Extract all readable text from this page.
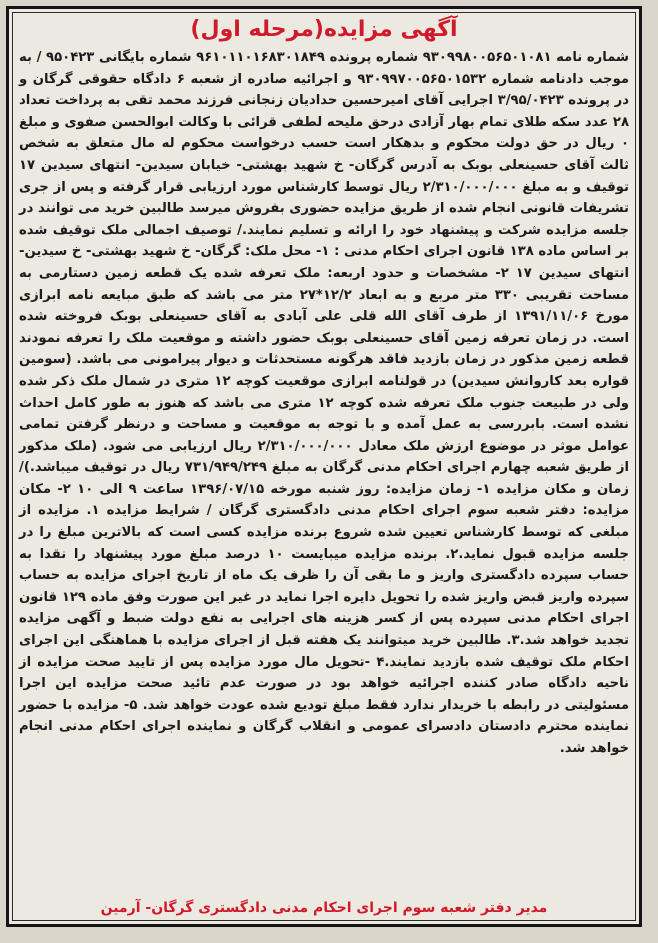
آگهی مزایده(مرحله اول)

شماره نامه ۹۳۰۹۹۸۰۰۵۶۵۰۱۰۸۱ شماره پرونده ۹۶۱۰۱۱۰۱۶۸۳۰۱۸۴۹ شماره بایگانی ۹۵۰۴۲۳ / به موجب دادنامه شماره ۹۳۰۹۹۷۰۰۵۶۵۰۱۵۳۲ و اجرائیه صادره از شعبه ۶ دادگاه حقوقی گرگان و در پرونده ۳/۹۵/۰۴۲۳ اجرایی آقای امیرحسین حدادیان زنجانی فرزند محمد تقی به پرداخت تعداد ۲۸ عدد سکه طلای تمام بهار آزادی درحق ملیحه لطفی قرائی با وکالت ابوالحسن صفوی و مبلغ ۰ ریال در حق دولت محکوم و بدهکار است حسب درخواست محکوم له مال متعلق به شخص ثالث آقای حسینعلی بوبک به آدرس گرگان- خ شهید بهشتی- خیابان سیدین- انتهای سیدین ۱۷ توقیف و به مبلغ ۲/۳۱۰/۰۰۰/۰۰۰ ریال توسط کارشناس مورد ارزیابی قرار گرفته و پس از جری تشریفات قانونی انجام شده از طریق مزایده حضوری بفروش میرسد طالبین خرید می توانند در جلسه مزایده شرکت و پیشنهاد خود را ارائه و تسلیم نمایند./ توصیف اجمالی ملک توقیف شده بر اساس ماده ۱۳۸ قانون اجرای احکام مدنی : ۱- محل ملک: گرگان- خ شهید بهشتی- خ سیدین- انتهای سیدین ۱۷ ۲- مشخصات و حدود اربعه: ملک تعرفه شده یک قطعه زمین دستارمی به مساحت تقریبی ۳۳۰ متر مربع و به ابعاد ۱۲/۲*۲۷ متر می باشد که طبق مبایعه نامه ابرازی مورخ ۱۳۹۱/۱۱/۰۶ از طرف آقای الله قلی علی آبادی به آقای حسینعلی بوبک فروخته شده است. در زمان تعرفه زمین آقای حسینعلی بوبک حضور داشته و موقعیت ملک را تعرفه نمودند قطعه زمین مذکور در زمان بازدید فاقد هرگونه مستحدثات و دیوار پیرامونی می باشد. (سومین قواره بعد کاروانش سیدین) در قولنامه ابرازی موقعیت کوچه ۱۲ متری در شمال ملک ذکر شده ولی در طبیعت جنوب ملک تعرفه شده کوچه ۱۲ متری می باشد که هنوز به طور کامل احداث نشده است. بابررسی به عمل آمده و با توجه به موقعیت و مساحت و درنظر گرفتن تمامی عوامل موثر در موضوع ارزش ملک معادل ۲/۳۱۰/۰۰۰/۰۰۰ ریال ارزیابی می شود. (ملک مذکور از طریق شعبه چهارم اجرای احکام مدنی گرگان به مبلغ ۷۳۱/۹۴۹/۲۴۹ ریال در توقیف میباشد.)/ زمان و مکان مزایده ۱- زمان مزایده: روز شنبه مورخه ۱۳۹۶/۰۷/۱۵ ساعت ۹ الی ۱۰ ۲- مکان مزایده: دفتر شعبه سوم اجرای احکام مدنی دادگستری گرگان / شرایط مزایده ۱. مزایده از مبلغی که توسط کارشناس تعیین شده شروع برنده مزایده کسی است که بالاترین مبلغ را در جلسه مزایده قبول نماید.۲. برنده مزایده میبایست ۱۰ درصد مبلغ مورد پیشنهاد را نقدا به حساب سپرده دادگستری واریز و ما بقی آن را ظرف یک ماه از تاریخ اجرای مزایده به حساب سپرده واریز قبض واریز شده را تحویل دایره اجرا نماید در غیر این صورت وفق ماده ۱۲۹ قانون اجرای احکام مدنی سپرده پس از کسر هزینه های اجرایی به نفع دولت ضبط و آگهی مزایده تجدید خواهد شد.۳. طالبین خرید میتوانند یک هفته قبل از اجرای مزایده با هماهنگی این اجرای احکام ملک توقیف شده بازدید نمایند.۴ -تحویل مال مورد مزایده پس از تایید صحت مزایده از ناحیه دادگاه صادر کننده اجرائیه خواهد بود در صورت عدم تائید صحت مزایده این اجرا مسئولیتی در رابطه با خریدار ندارد فقط مبلغ تودیع شده عودت خواهد شد. ۵- مزایده با حضور نماینده محترم دادستان دادسرای عمومی و انقلاب گرگان و نماینده اجرای احکام مدنی انجام خواهد شد.

مدیر دفتر شعبه سوم اجرای احکام مدنی دادگستری گرگان- آرمین
